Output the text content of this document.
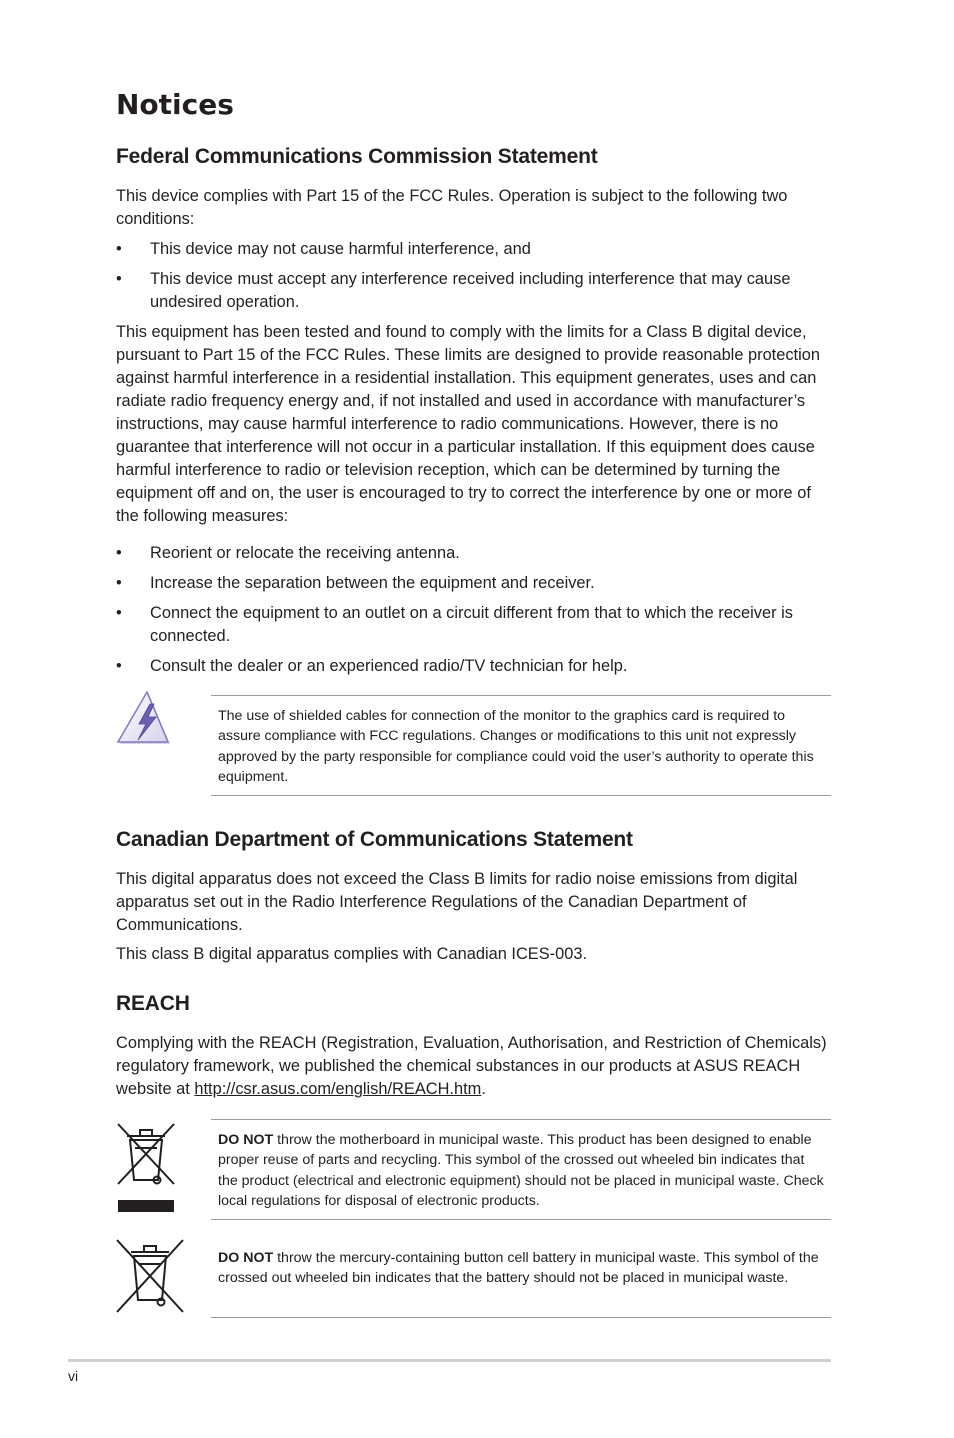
Notices
Federal Communications Commission Statement

This device complies with Part 15 of the FCC Rules. Operation is subject to the following two conditions:

• This device may not cause harmful interference, and
• This device must accept any interference received including interference that may cause undesired operation.

This equipment has been tested and found to comply with the limits for a Class B digital device, pursuant to Part 15 of the FCC Rules. These limits are designed to provide reasonable protection against harmful interference in a residential installation. This equipment generates, uses and can radiate radio frequency energy and, if not installed and used in accordance with manufacturer’s instructions, may cause harmful interference to radio communications. However, there is no guarantee that interference will not occur in a particular installation. If this equipment does cause harmful interference to radio or television reception, which can be determined by turning the equipment off and on, the user is encouraged to try to correct the interference by one or more of the following measures:

• Reorient or relocate the receiving antenna.
• Increase the separation between the equipment and receiver.
• Connect the equipment to an outlet on a circuit different from that to which the receiver is connected.
• Consult the dealer or an experienced radio/TV technician for help.
The use of shielded cables for connection of the monitor to the graphics card is required to assure compliance with FCC regulations. Changes or modifications to this unit not expressly approved by the party responsible for compliance could void the user’s authority to operate this equipment.
Canadian Department of Communications Statement

This digital apparatus does not exceed the Class B limits for radio noise emissions from digital apparatus set out in the Radio Interference Regulations of the Canadian Department of Communications.

This class B digital apparatus complies with Canadian ICES-003.

REACH

Complying with the REACH (Registration, Evaluation, Authorisation, and Restriction of Chemicals) regulatory framework, we published the chemical substances in our products at ASUS REACH website at http://csr.asus.com/english/REACH.htm.

DO NOT throw the motherboard in municipal waste. This product has been designed to enable proper reuse of parts and recycling. This symbol of the crossed out wheeled bin indicates that the product (electrical and electronic equipment) should not be placed in municipal waste. Check local regulations for disposal of electronic products.
DO NOT throw the mercury-containing button cell battery in municipal waste. This symbol of the crossed out wheeled bin indicates that the battery should not be placed in municipal waste.
vi
